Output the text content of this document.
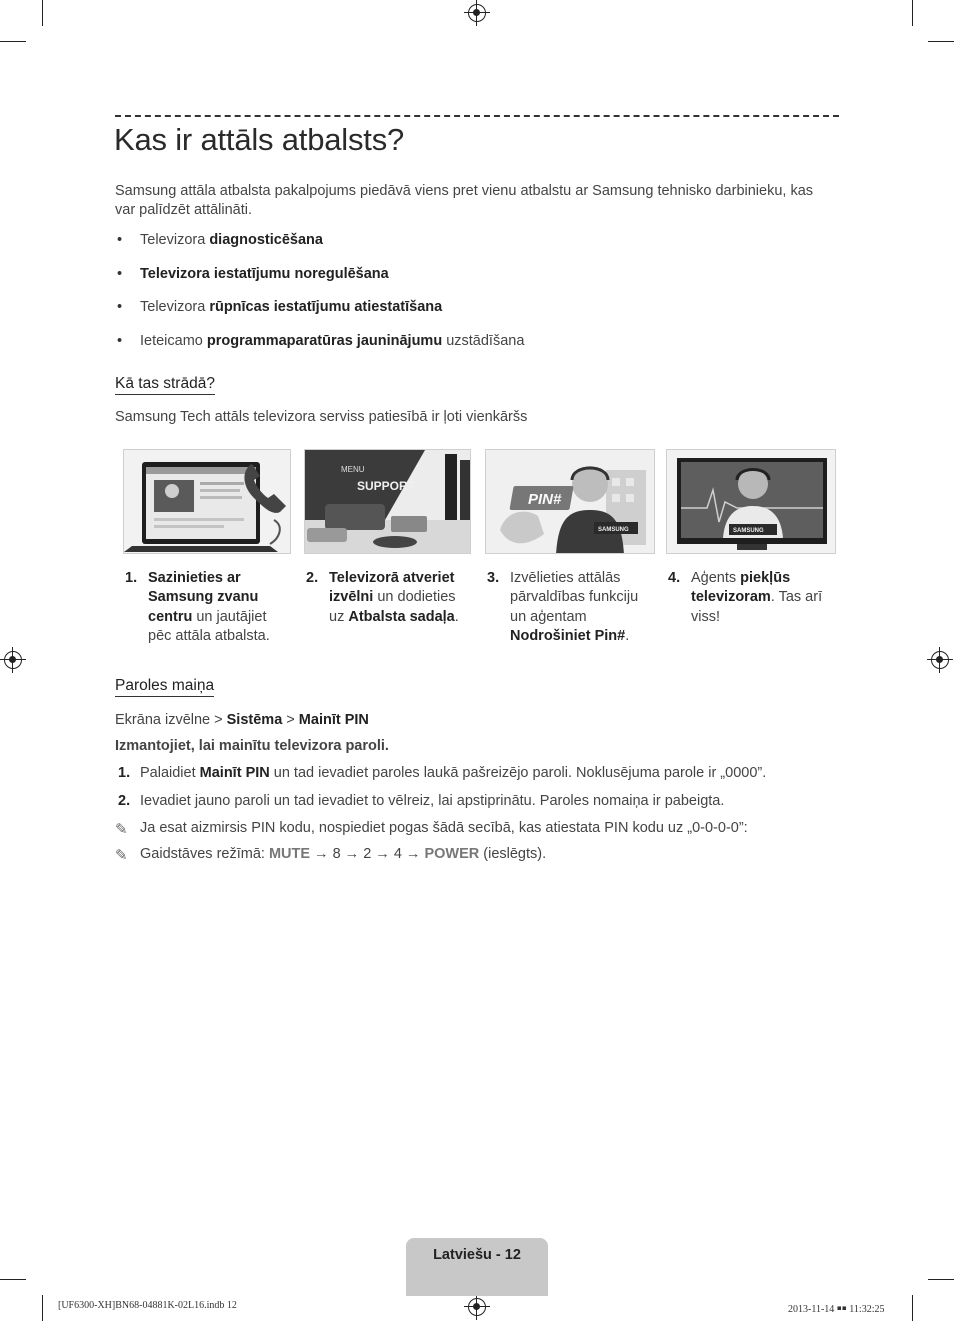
Kas ir attāls atbalsts?
Samsung attāla atbalsta pakalpojums piedāvā viens pret vienu atbalstu ar Samsung tehnisko darbinieku, kas var palīdzēt attālināti.
• Televizora diagnosticēšana
• Televizora iestatījumu noregulēšana
• Televizora rūpnīcas iestatījumu atiestatīšana
• Ieteicamo programmaparatūras jauninājumu uzstādīšana
Kā tas strādā?
Samsung Tech attāls televizora serviss patiesībā ir ļoti vienkāršs
MENU
SUPPORT
PIN#
SAMSUNG	SAMSUNG
1. Sazinieties ar Samsung zvanu centru un jautājiet pēc attāla atbalsta.
2. Televizorā atveriet izvēlni un dodieties uz Atbalsta sadaļa.
3. Izvēlieties attālās pārvaldības funkciju un aģentam Nodrošiniet Pin#.
4. Aģents piekļūs televizoram. Tas arī viss!
Paroles maiņa
Ekrāna izvēlne > Sistēma > Mainīt PIN
Izmantojiet, lai mainītu televizora paroli.
1. Palaidiet Mainīt PIN un tad ievadiet paroles laukā pašreizējo paroli. Noklusējuma parole ir „0000”.
2. Ievadiet jauno paroli un tad ievadiet to vēlreiz, lai apstiprinātu. Paroles nomaiņa ir pabeigta.
✎ Ja esat aizmirsis PIN kodu, nospiediet pogas šādā secībā, kas atiestata PIN kodu uz „0-0-0-0”:
✎ Gaidstāves režīmā: MUTE → 8 → 2 → 4 → POWER (ieslēgts).
Latviešu - 12
[UF6300-XH]BN68-04881K-02L16.indb 12	2013-11-14 ￭￭ 11:32:25
